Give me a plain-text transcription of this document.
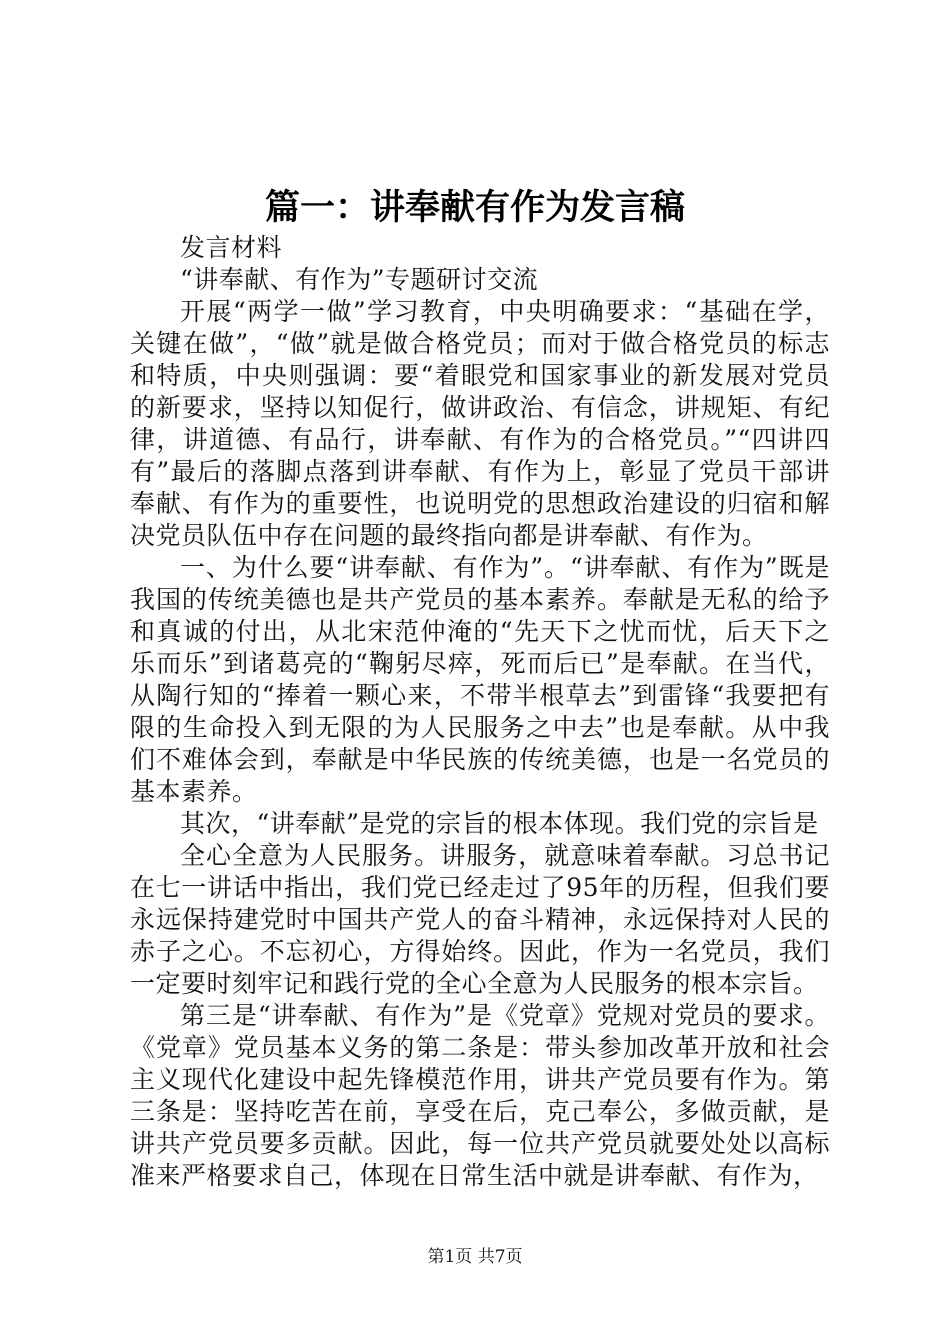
篇一：讲奉献有作为发言稿

发言材料

“讲奉献、有作为”专题研讨交流

开展“两学一做”学习教育，中央明确要求：“基础在学，关键在做”，“做”就是做合格党员；而对于做合格党员的标志和特质，中央则强调：要“着眼党和国家事业的新发展对党员的新要求，坚持以知促行，做讲政治、有信念，讲规矩、有纪律，讲道德、有品行，讲奉献、有作为的合格党员。”“四讲四有”最后的落脚点落到讲奉献、有作为上，彰显了党员干部讲奉献、有作为的重要性，也说明党的思想政治建设的归宿和解决党员队伍中存在问题的最终指向都是讲奉献、有作为。

一、为什么要“讲奉献、有作为”。“讲奉献、有作为”既是我国的传统美德也是共产党员的基本素养。奉献是无私的给予和真诚的付出，从北宋范仲淹的“先天下之忧而忧，后天下之乐而乐”到诸葛亮的“鞠躬尽瘁，死而后已”是奉献。在当代，从陶行知的“捧着一颗心来，不带半根草去”到雷锋“我要把有限的生命投入到无限的为人民服务之中去”也是奉献。从中我们不难体会到，奉献是中华民族的传统美德，也是一名党员的基本素养。

其次，“讲奉献”是党的宗旨的根本体现。我们党的宗旨是

全心全意为人民服务。讲服务，就意味着奉献。习总书记在七一讲话中指出，我们党已经走过了95年的历程，但我们要永远保持建党时中国共产党人的奋斗精神，永远保持对人民的赤子之心。不忘初心，方得始终。因此，作为一名党员，我们一定要时刻牢记和践行党的全心全意为人民服务的根本宗旨。

第三是“讲奉献、有作为”是《党章》党规对党员的要求。《党章》党员基本义务的第二条是：带头参加改革开放和社会主义现代化建设中起先锋模范作用，讲共产党员要有作为。第三条是：坚持吃苦在前，享受在后，克己奉公，多做贡献，是讲共产党员要多贡献。因此，每一位共产党员就要处处以高标准来严格要求自己，体现在日常生活中就是讲奉献、有作为，

第1页 共7页
